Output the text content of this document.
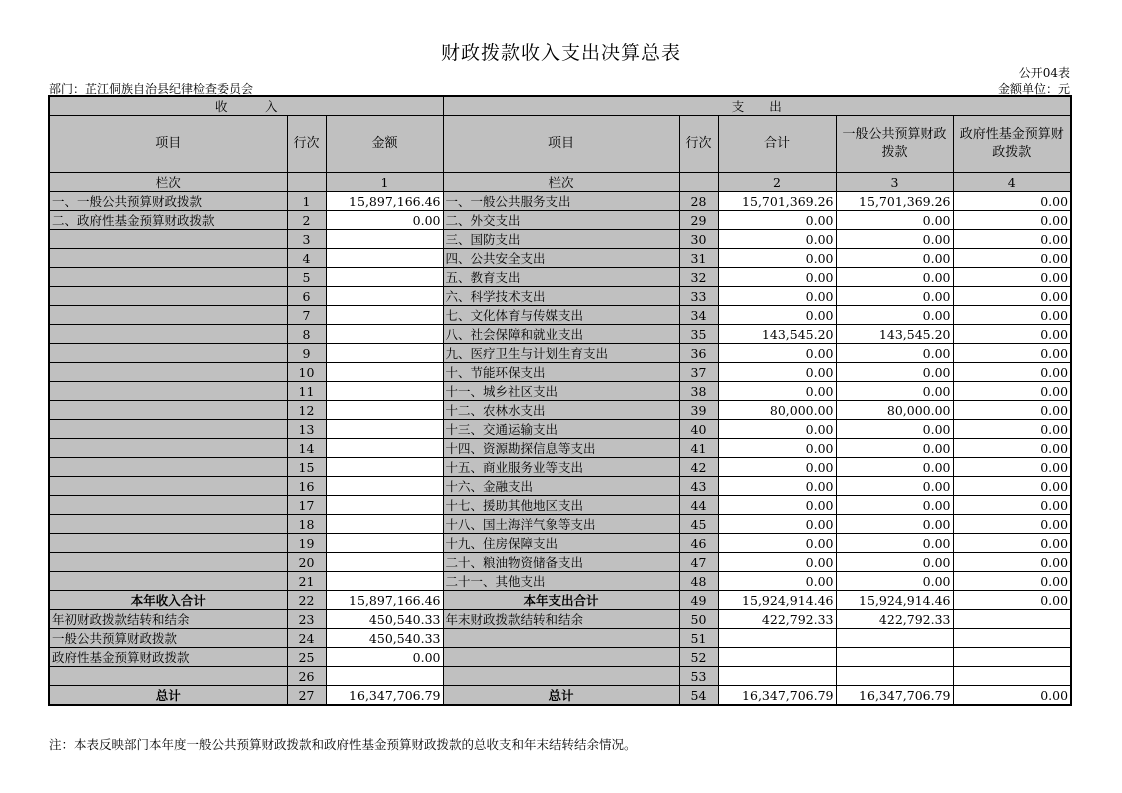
财政拨款收入支出决算总表
公开04表
部门：芷江侗族自治县纪律检查委员会	金额单位：元
收　　　入			支　　出				
项目	行次	金额	项目	行次	合计	一般公共预算财政拨款	政府性基金预算财政拨款
栏次		1	栏次		2	3	4
一、一般公共预算财政拨款	1	15,897,166.46	一、一般公共服务支出	28	15,701,369.26	15,701,369.26	0.00
二、政府性基金预算财政拨款	2	0.00	二、外交支出	29	0.00	0.00	0.00
	3		三、国防支出	30	0.00	0.00	0.00
	4		四、公共安全支出	31	0.00	0.00	0.00
	5		五、教育支出	32	0.00	0.00	0.00
	6		六、科学技术支出	33	0.00	0.00	0.00
	7		七、文化体育与传媒支出	34	0.00	0.00	0.00
	8		八、社会保障和就业支出	35	143,545.20	143,545.20	0.00
	9		九、医疗卫生与计划生育支出	36	0.00	0.00	0.00
	10		十、节能环保支出	37	0.00	0.00	0.00
	11		十一、城乡社区支出	38	0.00	0.00	0.00
	12		十二、农林水支出	39	80,000.00	80,000.00	0.00
	13		十三、交通运输支出	40	0.00	0.00	0.00
	14		十四、资源勘探信息等支出	41	0.00	0.00	0.00
	15		十五、商业服务业等支出	42	0.00	0.00	0.00
	16		十六、金融支出	43	0.00	0.00	0.00
	17		十七、援助其他地区支出	44	0.00	0.00	0.00
	18		十八、国土海洋气象等支出	45	0.00	0.00	0.00
	19		十九、住房保障支出	46	0.00	0.00	0.00
	20		二十、粮油物资储备支出	47	0.00	0.00	0.00
	21		二十一、其他支出	48	0.00	0.00	0.00
本年收入合计	22	15,897,166.46	本年支出合计	49	15,924,914.46	15,924,914.46	0.00
年初财政拨款结转和结余	23	450,540.33	年末财政拨款结转和结余	50	422,792.33	422,792.33	
一般公共预算财政拨款	24	450,540.33		51			
政府性基金预算财政拨款	25	0.00		52			
	26			53			
总计	27	16,347,706.79	总计	54	16,347,706.79	16,347,706.79	0.00
注：本表反映部门本年度一般公共预算财政拨款和政府性基金预算财政拨款的总收支和年末结转结余情况。
